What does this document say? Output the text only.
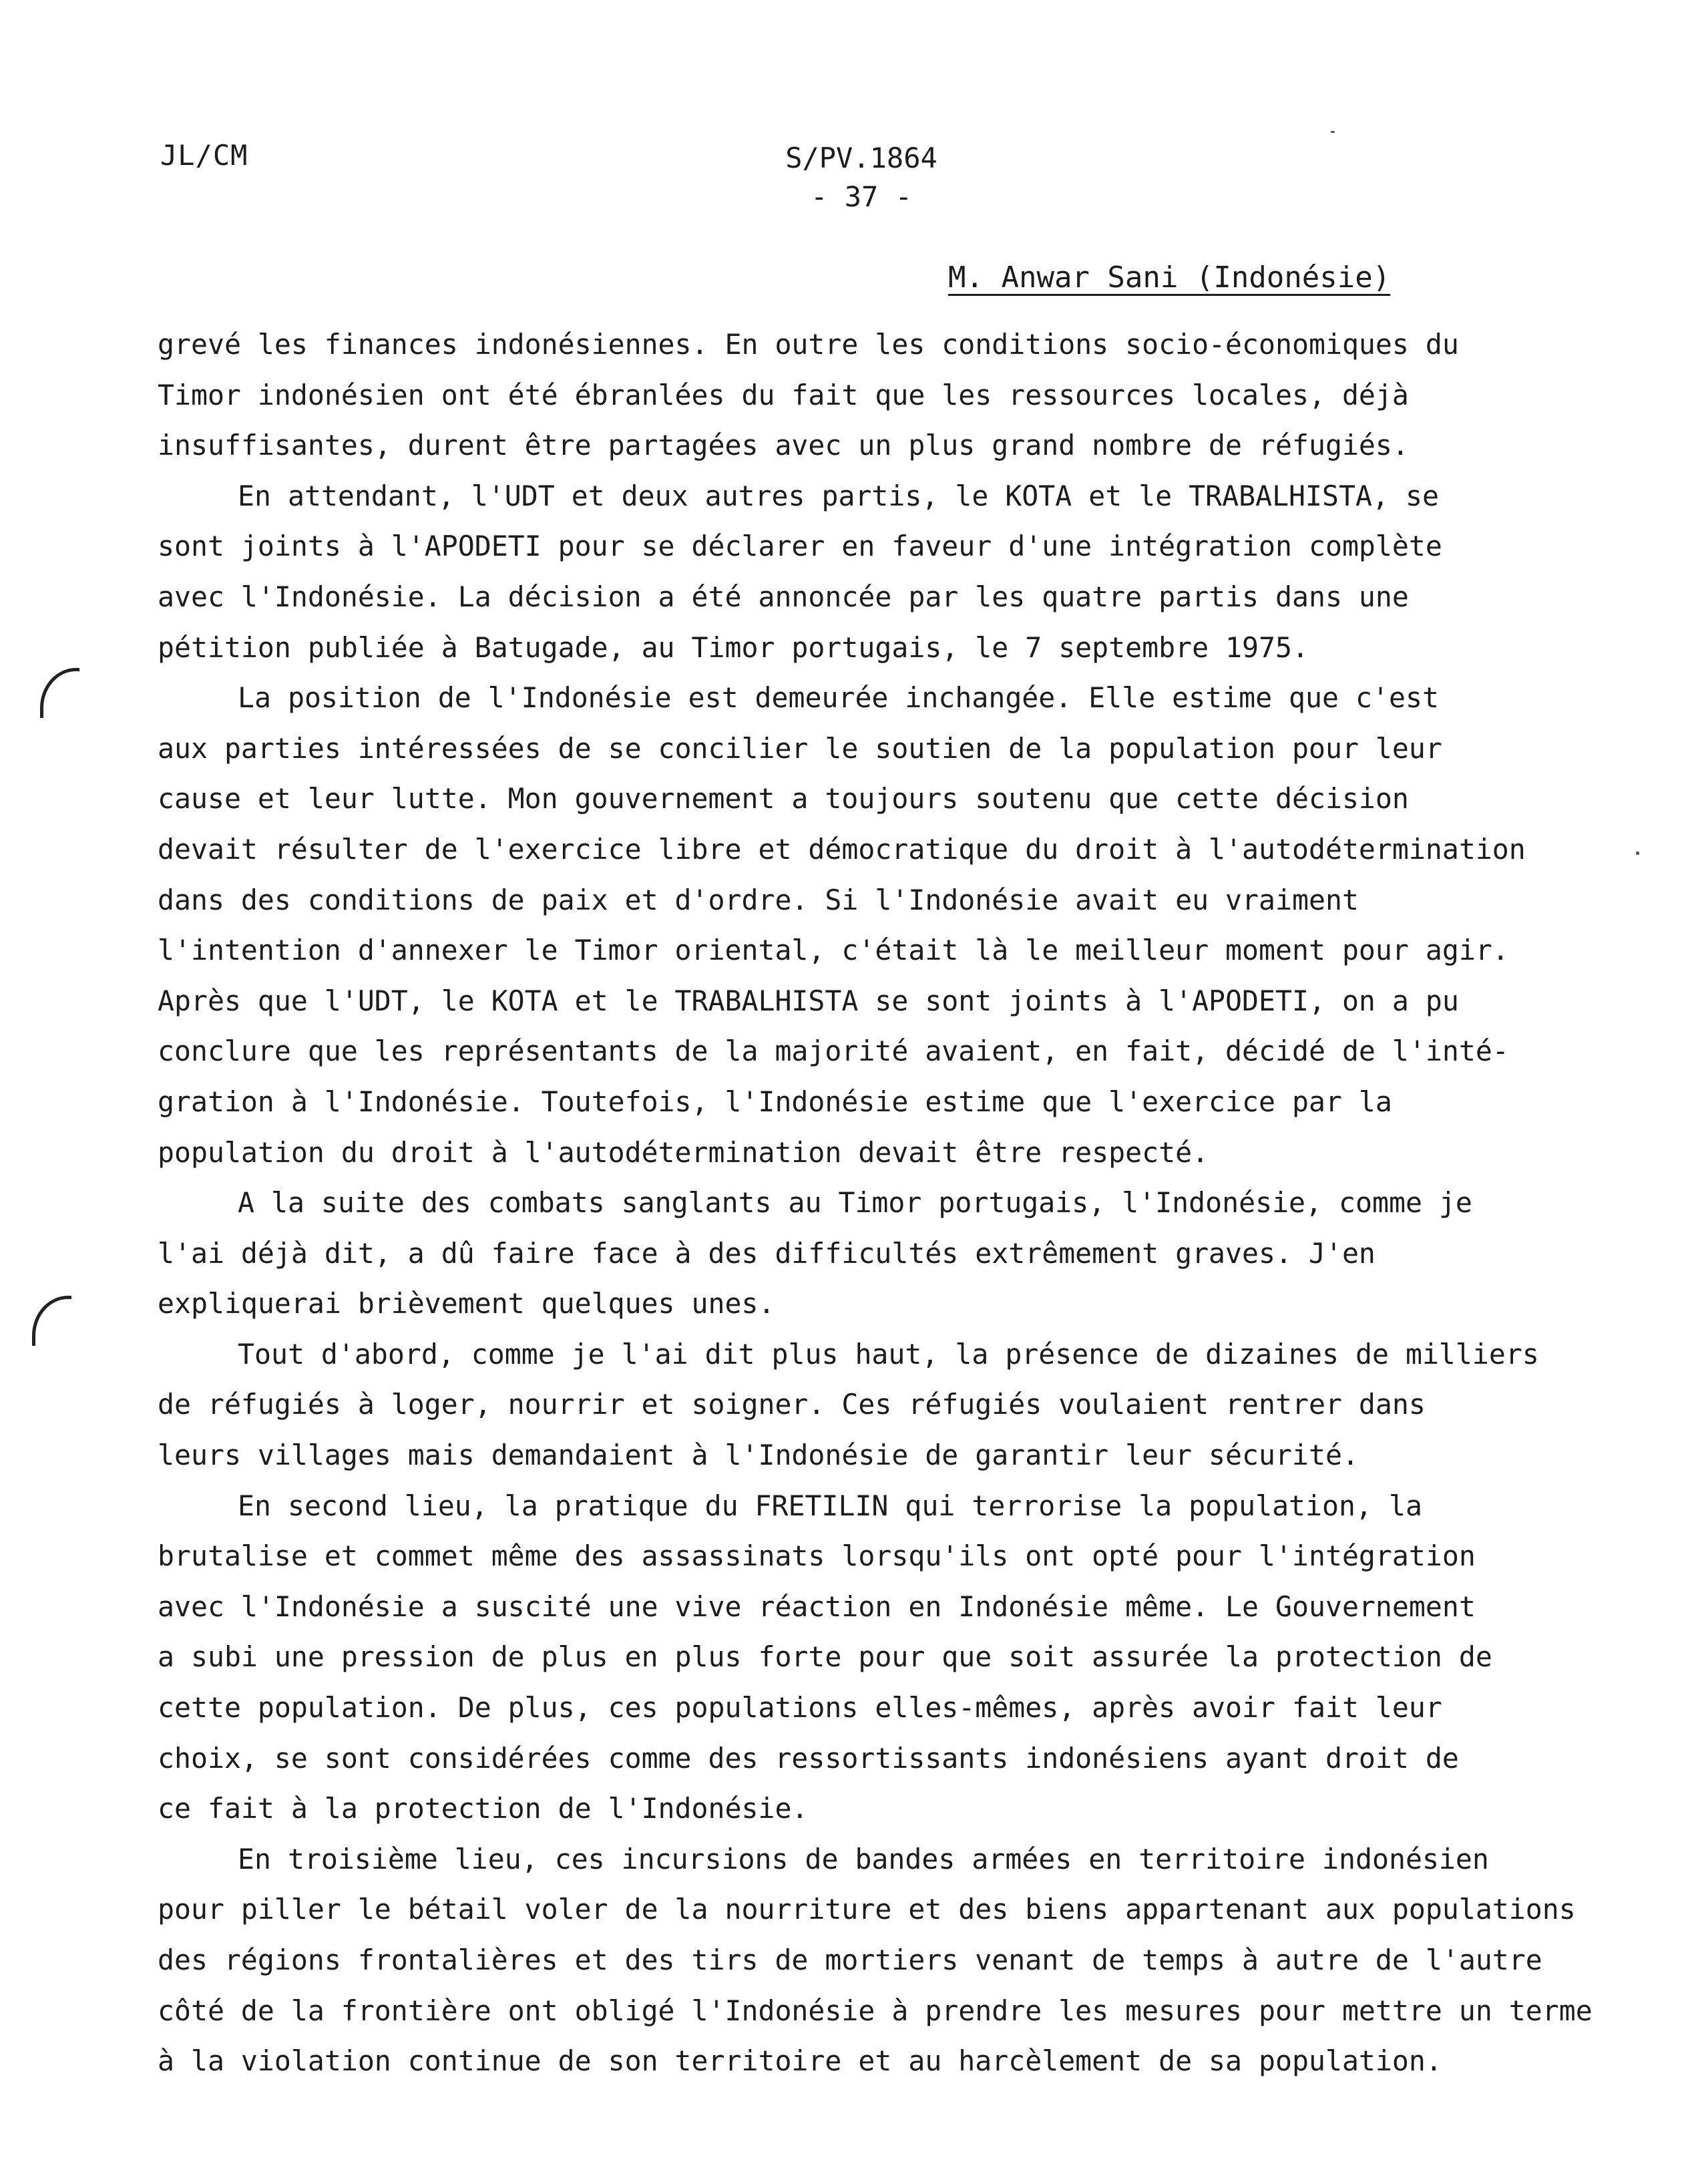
JL/CM	S/PV.1864
- 37 -
M. Anwar Sani (Indonésie)
grevé les finances indonésiennes. En outre les conditions socio-économiques du
Timor indonésien ont été ébranlées du fait que les ressources locales, déjà
insuffisantes, durent être partagées avec un plus grand nombre de réfugiés.
En attendant, l'UDT et deux autres partis, le KOTA et le TRABALHISTA, se
sont joints à l'APODETI pour se déclarer en faveur d'une intégration complète
avec l'Indonésie. La décision a été annoncée par les quatre partis dans une
pétition publiée à Batugade, au Timor portugais, le 7 septembre 1975.
La position de l'Indonésie est demeurée inchangée. Elle estime que c'est
aux parties intéressées de se concilier le soutien de la population pour leur
cause et leur lutte. Mon gouvernement a toujours soutenu que cette décision
devait résulter de l'exercice libre et démocratique du droit à l'autodétermination
dans des conditions de paix et d'ordre. Si l'Indonésie avait eu vraiment
l'intention d'annexer le Timor oriental, c'était là le meilleur moment pour agir.
Après que l'UDT, le KOTA et le TRABALHISTA se sont joints à l'APODETI, on a pu
conclure que les représentants de la majorité avaient, en fait, décidé de l'inté-
gration à l'Indonésie. Toutefois, l'Indonésie estime que l'exercice par la
population du droit à l'autodétermination devait être respecté.
A la suite des combats sanglants au Timor portugais, l'Indonésie, comme je
l'ai déjà dit, a dû faire face à des difficultés extrêmement graves. J'en
expliquerai brièvement quelques unes.
Tout d'abord, comme je l'ai dit plus haut, la présence de dizaines de milliers
de réfugiés à loger, nourrir et soigner. Ces réfugiés voulaient rentrer dans
leurs villages mais demandaient à l'Indonésie de garantir leur sécurité.
En second lieu, la pratique du FRETILIN qui terrorise la population, la
brutalise et commet même des assassinats lorsqu'ils ont opté pour l'intégration
avec l'Indonésie a suscité une vive réaction en Indonésie même. Le Gouvernement
a subi une pression de plus en plus forte pour que soit assurée la protection de
cette population. De plus, ces populations elles-mêmes, après avoir fait leur
choix, se sont considérées comme des ressortissants indonésiens ayant droit de
ce fait à la protection de l'Indonésie.
En troisième lieu, ces incursions de bandes armées en territoire indonésien
pour piller le bétail voler de la nourriture et des biens appartenant aux populations
des régions frontalières et des tirs de mortiers venant de temps à autre de l'autre
côté de la frontière ont obligé l'Indonésie à prendre les mesures pour mettre un terme
à la violation continue de son territoire et au harcèlement de sa population.
